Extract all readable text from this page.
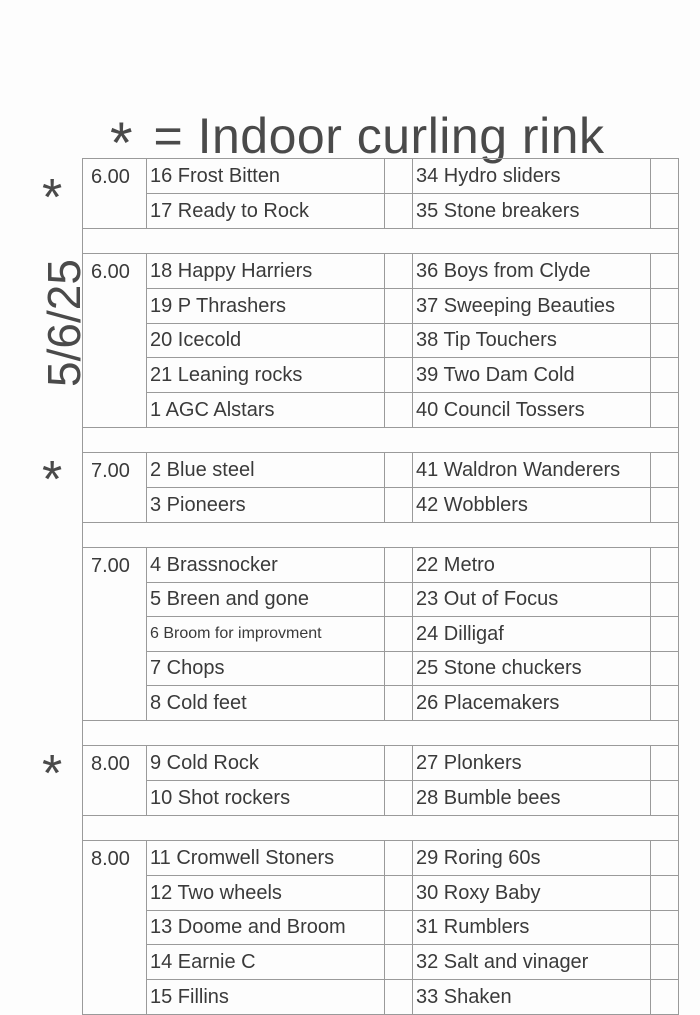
* = Indoor curling rink
5/6/25
* 6.00	16 Frost Bitten		34 Hydro sliders	
	17 Ready to Rock		35 Stone breakers	

6.00	18 Happy Harriers		36 Boys from Clyde	
	19 P Thrashers		37 Sweeping Beauties	
	20 Icecold		38 Tip Touchers	
	21 Leaning rocks		39 Two Dam Cold	
	1 AGC Alstars		40 Council Tossers	

7.00	2 Blue steel		41 Waldron Wanderers	
	3 Pioneers		42 Wobblers	

7.00	4 Brassnocker		22 Metro	
	5 Breen and gone		23 Out of Focus	
	6 Broom for improvment		24 Dilligaf	
	7 Chops		25 Stone chuckers	
	8 Cold feet		26 Placemakers	

8.00	9 Cold Rock		27 Plonkers	
	10 Shot rockers		28 Bumble bees	

8.00	11 Cromwell Stoners		29 Roring 60s	
	12 Two wheels		30 Roxy Baby	
	13 Doome and Broom		31 Rumblers	
	14 Earnie C		32 Salt and vinager	
	15 Fillins		33 Shaken	
*
*
